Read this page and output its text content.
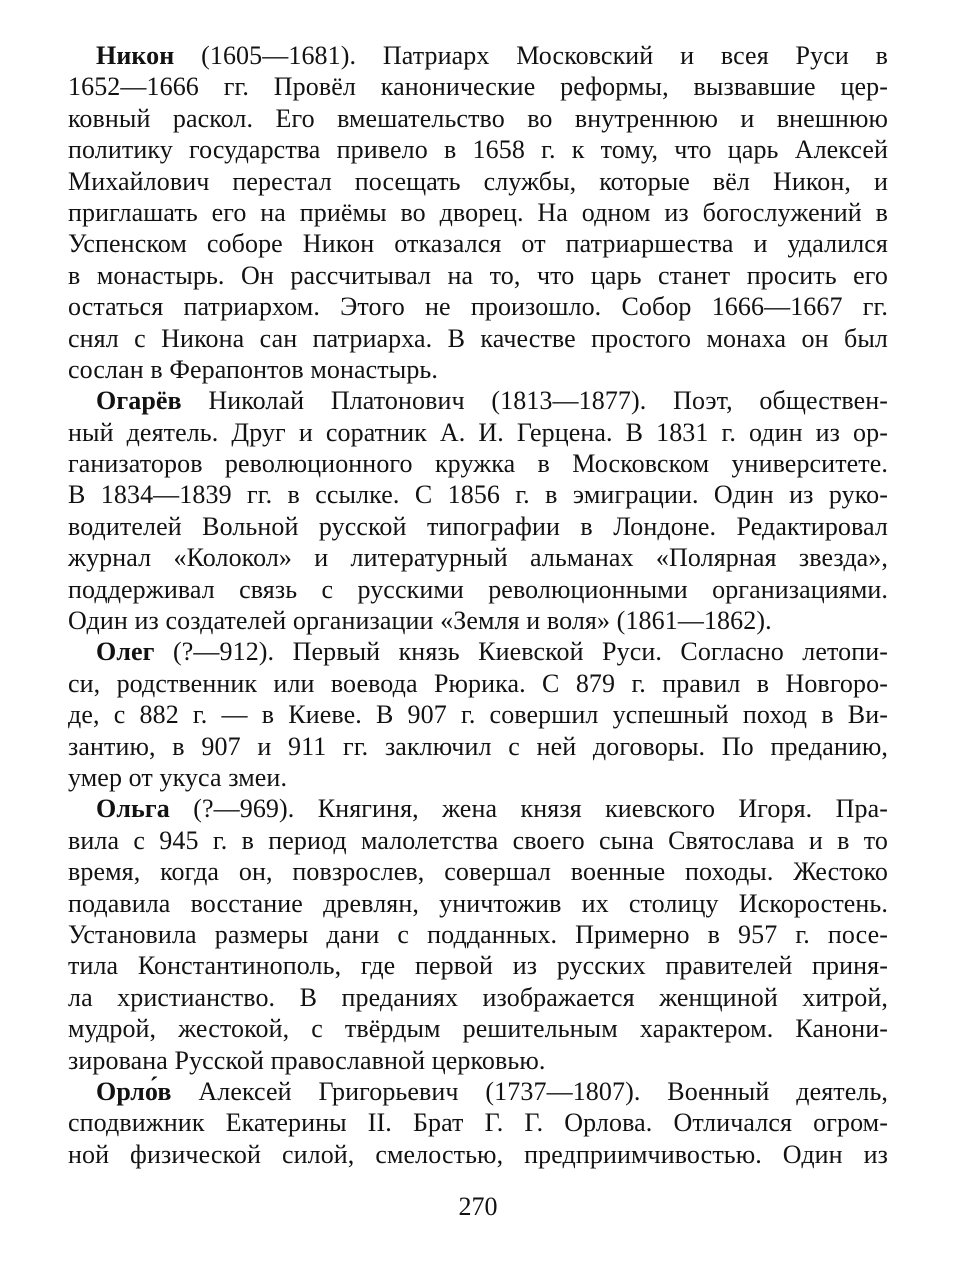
Никон (1605—1681). Патриарх Московский и всея Руси в
1652—1666 гг. Провёл канонические реформы, вызвавшие цер-
ковный раскол. Его вмешательство во внутреннюю и внешнюю
политику государства привело в 1658 г. к тому, что царь Алексей
Михайлович перестал посещать службы, которые вёл Никон, и
приглашать его на приёмы во дворец. На одном из богослужений в
Успенском соборе Никон отказался от патриаршества и удалился
в монастырь. Он рассчитывал на то, что царь станет просить его
остаться патриархом. Этого не произошло. Собор 1666—1667 гг.
снял с Никона сан патриарха. В качестве простого монаха он был
сослан в Ферапонтов монастырь.
Огарёв Николай Платонович (1813—1877). Поэт, обществен-
ный деятель. Друг и соратник А. И. Герцена. В 1831 г. один из ор-
ганизаторов революционного кружка в Московском университете.
В 1834—1839 гг. в ссылке. С 1856 г. в эмиграции. Один из руко-
водителей Вольной русской типографии в Лондоне. Редактировал
журнал «Колокол» и литературный альманах «Полярная звезда»,
поддерживал связь с русскими революционными организациями.
Один из создателей организации «Земля и воля» (1861—1862).
Олег (?—912). Первый князь Киевской Руси. Согласно летопи-
си, родственник или воевода Рюрика. С 879 г. правил в Новгоро-
де, с 882 г. — в Киеве. В 907 г. совершил успешный поход в Ви-
зантию, в 907 и 911 гг. заключил с ней договоры. По преданию,
умер от укуса змеи.
Ольга (?—969). Княгиня, жена князя киевского Игоря. Пра-
вила с 945 г. в период малолетства своего сына Святослава и в то
время, когда он, повзрослев, совершал военные походы. Жестоко
подавила восстание древлян, уничтожив их столицу Искоростень.
Установила размеры дани с подданных. Примерно в 957 г. посе-
тила Константинополь, где первой из русских правителей приня-
ла христианство. В преданиях изображается женщиной хитрой,
мудрой, жестокой, с твёрдым решительным характером. Канони-
зирована Русской православной церковью.
Орло́в Алексей Григорьевич (1737—1807). Военный деятель,
сподвижник Екатерины II. Брат Г. Г. Орлова. Отличался огром-
ной физической силой, смелостью, предприимчивостью. Один из
270
